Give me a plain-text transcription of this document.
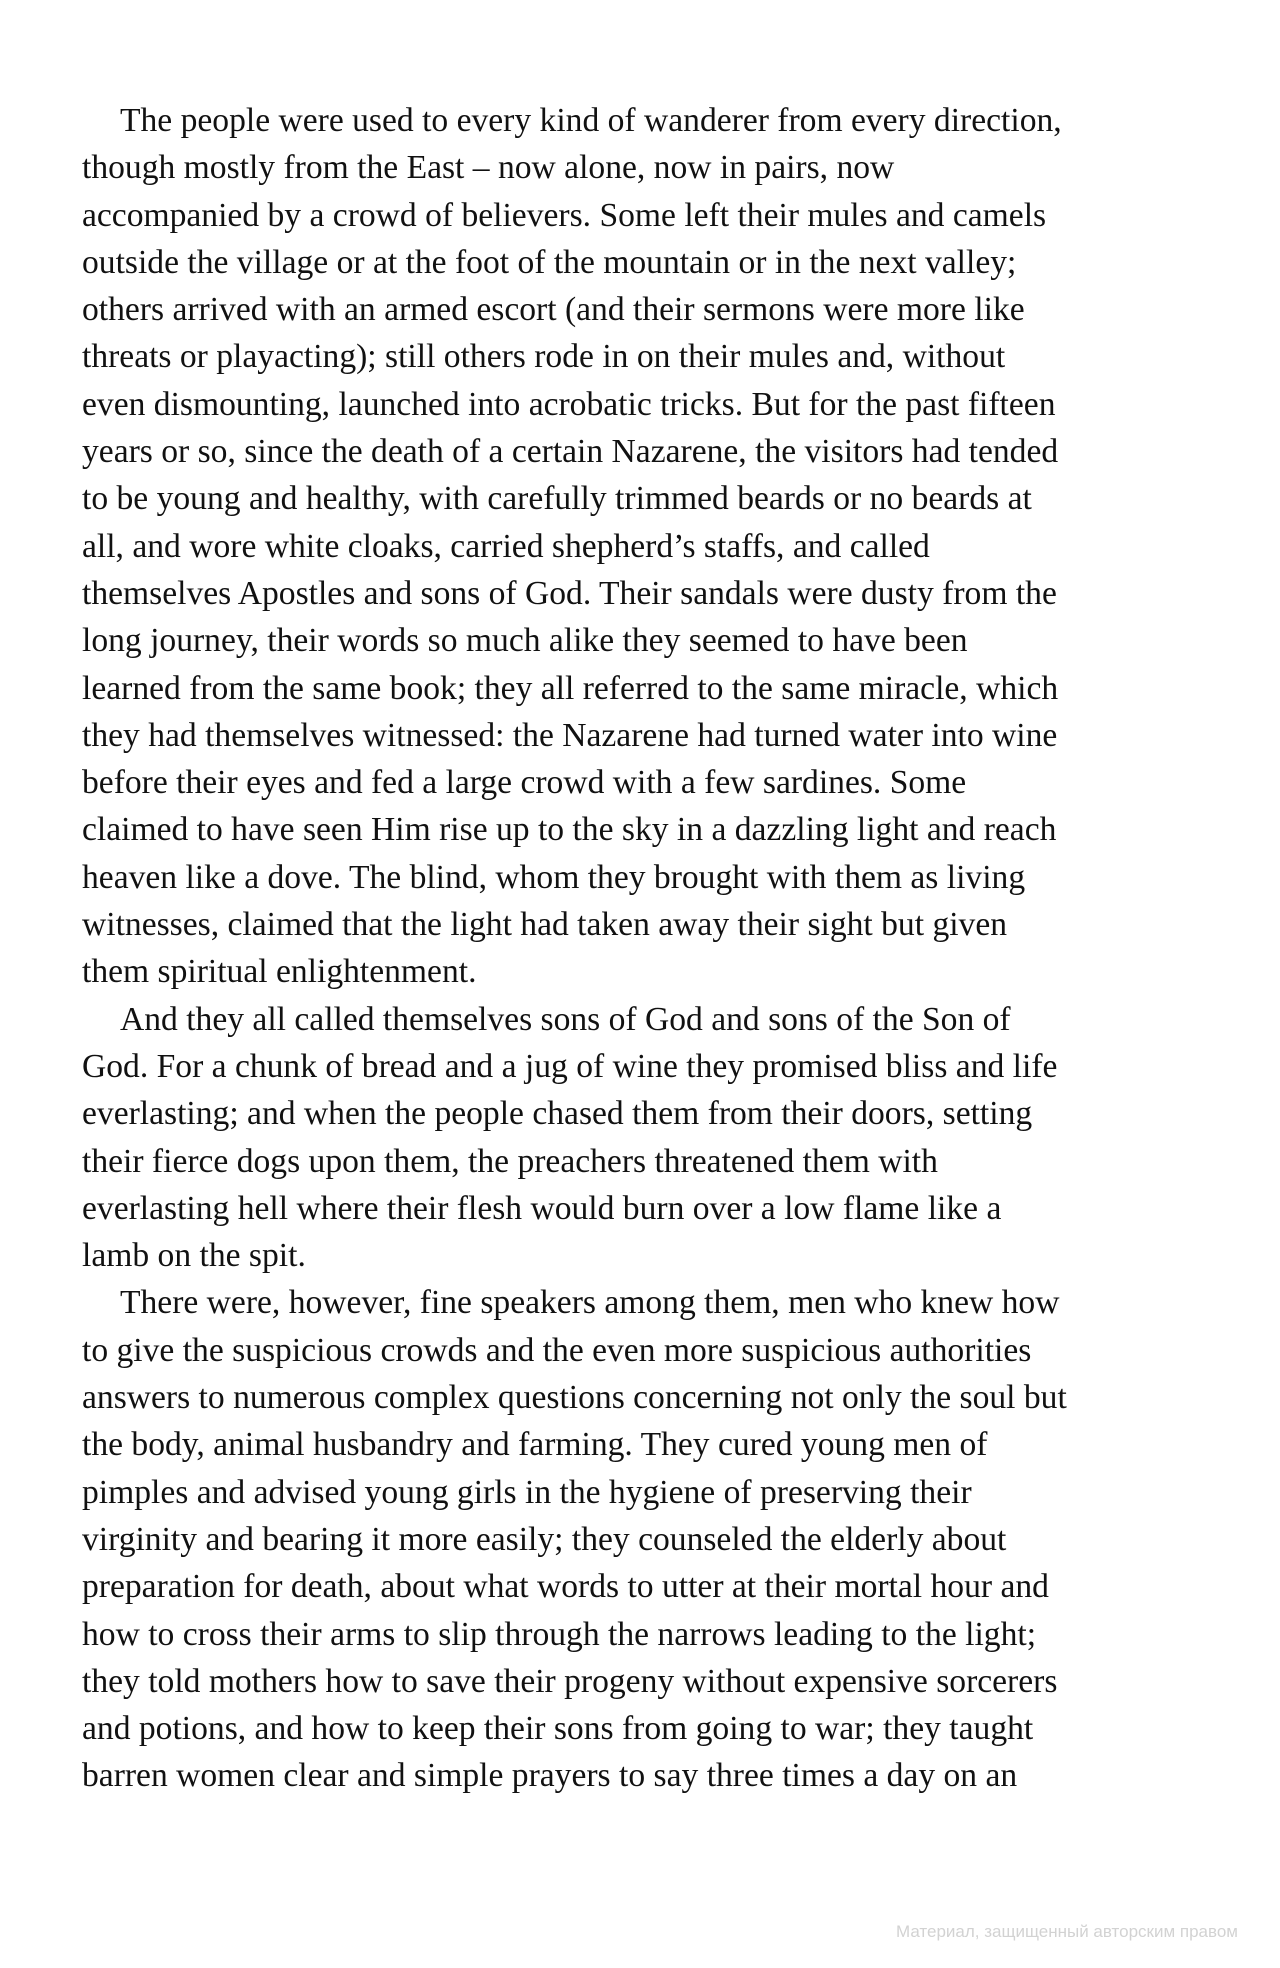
The people were used to every kind of wanderer from every direction,
though mostly from the East – now alone, now in pairs, now
accompanied by a crowd of believers. Some left their mules and camels
outside the village or at the foot of the mountain or in the next valley;
others arrived with an armed escort (and their sermons were more like
threats or playacting); still others rode in on their mules and, without
even dismounting, launched into acrobatic tricks. But for the past fifteen
years or so, since the death of a certain Nazarene, the visitors had tended
to be young and healthy, with carefully trimmed beards or no beards at
all, and wore white cloaks, carried shepherd’s staffs, and called
themselves Apostles and sons of God. Their sandals were dusty from the
long journey, their words so much alike they seemed to have been
learned from the same book; they all referred to the same miracle, which
they had themselves witnessed: the Nazarene had turned water into wine
before their eyes and fed a large crowd with a few sardines. Some
claimed to have seen Him rise up to the sky in a dazzling light and reach
heaven like a dove. The blind, whom they brought with them as living
witnesses, claimed that the light had taken away their sight but given
them spiritual enlightenment.
And they all called themselves sons of God and sons of the Son of
God. For a chunk of bread and a jug of wine they promised bliss and life
everlasting; and when the people chased them from their doors, setting
their fierce dogs upon them, the preachers threatened them with
everlasting hell where their flesh would burn over a low flame like a
lamb on the spit.
There were, however, fine speakers among them, men who knew how
to give the suspicious crowds and the even more suspicious authorities
answers to numerous complex questions concerning not only the soul but
the body, animal husbandry and farming. They cured young men of
pimples and advised young girls in the hygiene of preserving their
virginity and bearing it more easily; they counseled the elderly about
preparation for death, about what words to utter at their mortal hour and
how to cross their arms to slip through the narrows leading to the light;
they told mothers how to save their progeny without expensive sorcerers
and potions, and how to keep their sons from going to war; they taught
barren women clear and simple prayers to say three times a day on an
Материал, защищенный авторским правом
